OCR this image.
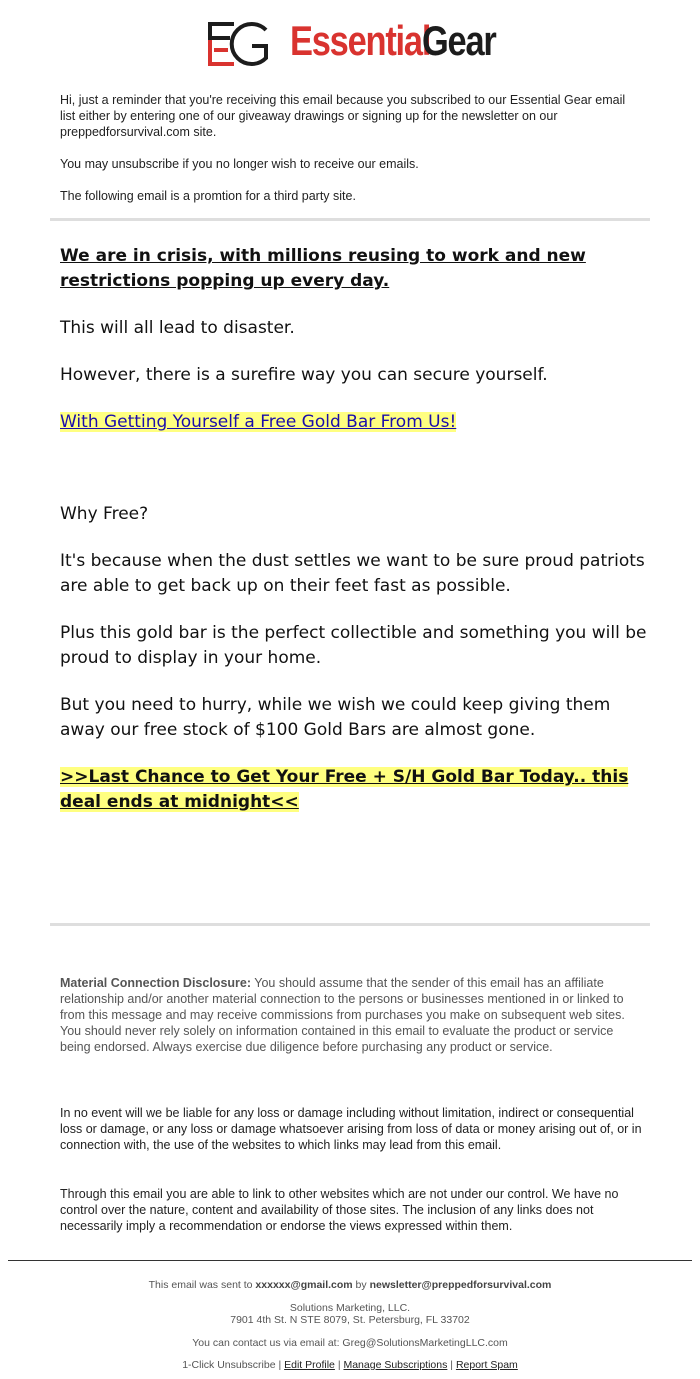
Essential
Gear

Hi, just a reminder that you're receiving this email because you subscribed to our Essential Gear email list either by entering one of our giveaway drawings or signing up for the newsletter on our preppedforsurvival.com site.

You may unsubscribe if you no longer wish to receive our emails.

The following email is a promtion for a third party site.

We are in crisis, with millions reusing to work and new restrictions popping up every day.

This will all lead to disaster.

However, there is a surefire way you can secure yourself.

With Getting Yourself a Free Gold Bar From Us!

Why Free?

It's because when the dust settles we want to be sure proud patriots are able to get back up on their feet fast as possible.

Plus this gold bar is the perfect collectible and something you will be proud to display in your home.

But you need to hurry, while we wish we could keep giving them away our free stock of $100 Gold Bars are almost gone.

>>Last Chance to Get Your Free + S/H Gold Bar Today.. this deal ends at midnight<<

Material Connection Disclosure: You should assume that the sender of this email has an affiliate relationship and/or another material connection to the persons or businesses mentioned in or linked to from this message and may receive commissions from purchases you make on subsequent web sites. You should never rely solely on information contained in this email to evaluate the product or service being endorsed. Always exercise due diligence before purchasing any product or service.
In no event will we be liable for any loss or damage including without limitation, indirect or consequential loss or damage, or any loss or damage whatsoever arising from loss of data or money arising out of, or in connection with, the use of the websites to which links may lead from this email.
Through this email you are able to link to other websites which are not under our control. We have no control over the nature, content and availability of those sites. The inclusion of any links does not necessarily imply a recommendation or endorse the views expressed within them.
This email was sent to xxxxxx@gmail.com by newsletter@preppedforsurvival.com
Solutions Marketing, LLC.
7901 4th St. N STE 8079, St. Petersburg, FL 33702
You can contact us via email at: Greg@SolutionsMarketingLLC.com
1-Click Unsubscribe | Edit Profile | Manage Subscriptions | Report Spam
